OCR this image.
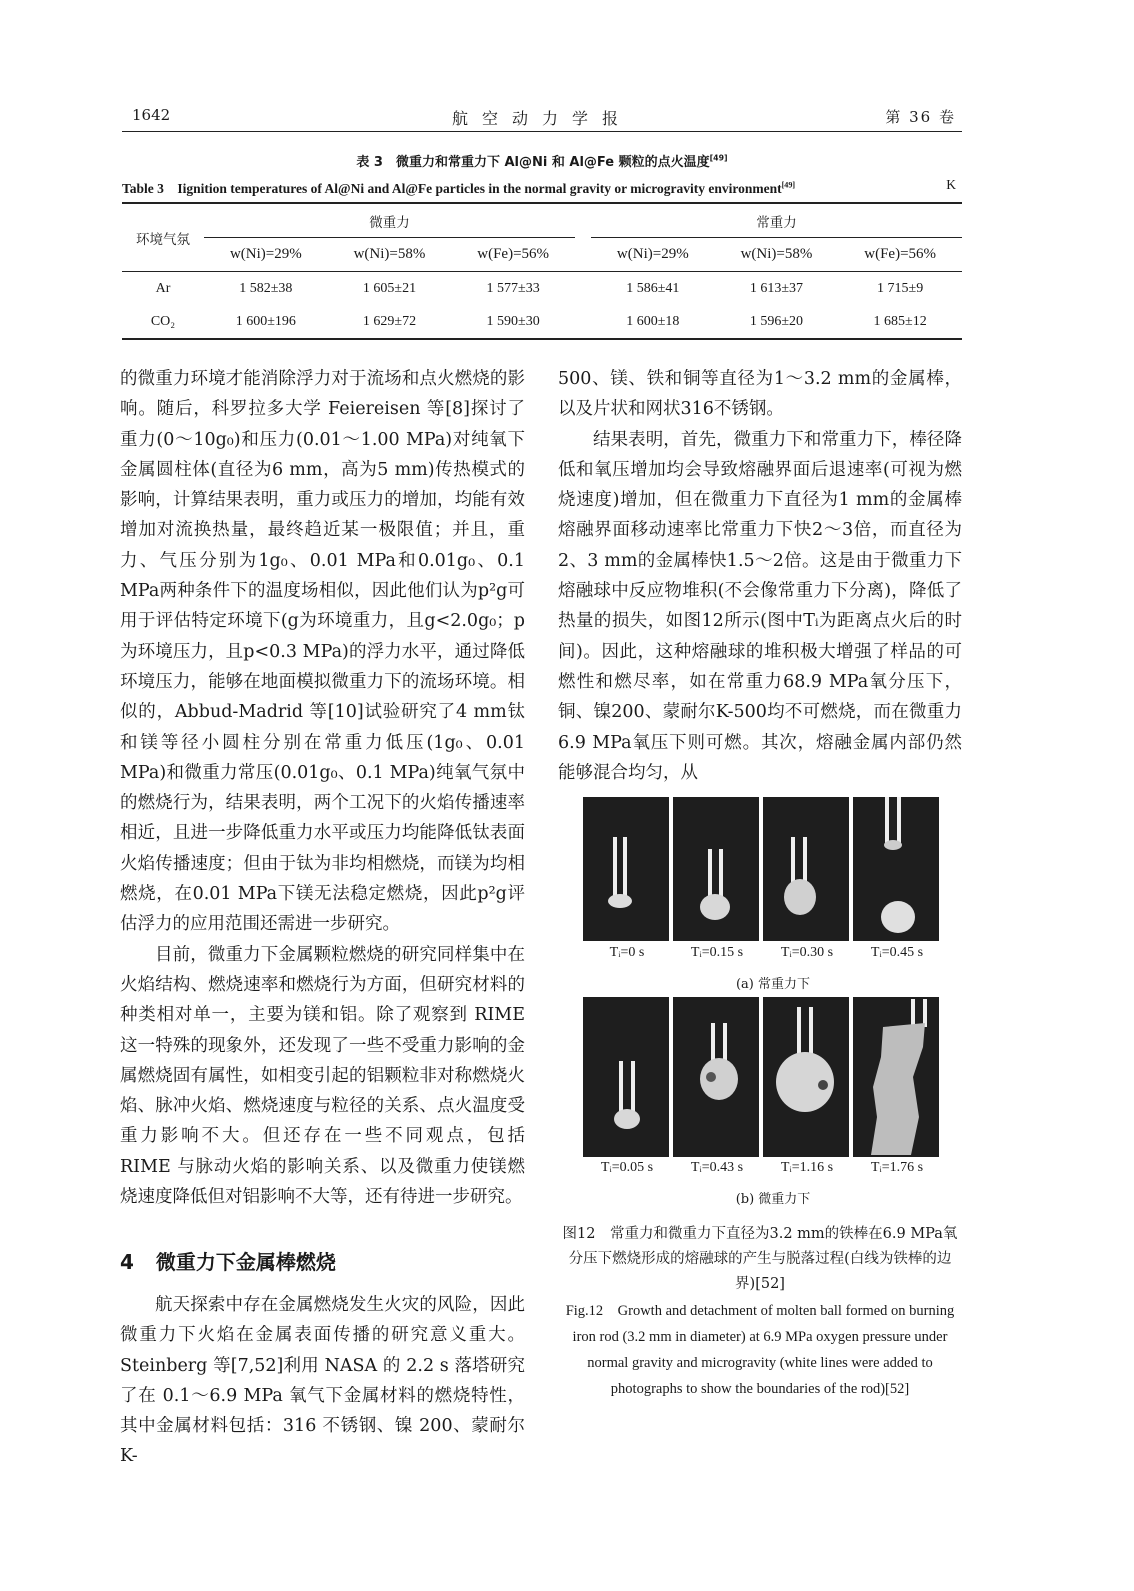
1642	航空动力学报	第 36 卷
表 3　微重力和常重力下 Al@Ni 和 Al@Fe 颗粒的点火温度[49]
Table 3　Iignition temperatures of Al@Ni and Al@Fe particles in the normal gravity or microgravity environment[49]	K
环境气氛	微重力				常重力		
	w(Ni)=29%	w(Ni)=58%	w(Fe)=56%		w(Ni)=29%	w(Ni)=58%	w(Fe)=56%
Ar	1 582±38	1 605±21	1 577±33		1 586±41	1 613±37	1 715±9
CO₂	1 600±196	1 629±72	1 590±30		1 600±18	1 596±20	1 685±12

的微重力环境才能消除浮力对于流场和点火燃烧的影响。随后，科罗拉多大学 Feiereisen 等[8]探讨了重力(0～10g₀)和压力(0.01～1.00 MPa)对纯氧下金属圆柱体(直径为6 mm，高为5 mm)传热模式的影响，计算结果表明，重力或压力的增加，均能有效增加对流换热量，最终趋近某一极限值；并且，重力、气压分别为1g₀、0.01 MPa和0.01g₀、0.1 MPa两种条件下的温度场相似，因此他们认为p²g可用于评估特定环境下(g为环境重力，且g<2.0g₀；p为环境压力，且p<0.3 MPa)的浮力水平，通过降低环境压力，能够在地面模拟微重力下的流场环境。相似的，Abbud-Madrid 等[10]试验研究了4 mm钛和镁等径小圆柱分别在常重力低压(1g₀、0.01 MPa)和微重力常压(0.01g₀、0.1 MPa)纯氧气氛中的燃烧行为，结果表明，两个工况下的火焰传播速率相近，且进一步降低重力水平或压力均能降低钛表面火焰传播速度；但由于钛为非均相燃烧，而镁为均相燃烧，在0.01 MPa下镁无法稳定燃烧，因此p²g评估浮力的应用范围还需进一步研究。

目前，微重力下金属颗粒燃烧的研究同样集中在火焰结构、燃烧速率和燃烧行为方面，但研究材料的种类相对单一，主要为镁和铝。除了观察到 RIME 这一特殊的现象外，还发现了一些不受重力影响的金属燃烧固有属性，如相变引起的铝颗粒非对称燃烧火焰、脉冲火焰、燃烧速度与粒径的关系、点火温度受重力影响不大。但还存在一些不同观点，包括 RIME 与脉动火焰的影响关系、以及微重力使镁燃烧速度降低但对铝影响不大等，还有待进一步研究。

4 微重力下金属棒燃烧

航天探索中存在金属燃烧发生火灾的风险，因此微重力下火焰在金属表面传播的研究意义重大。Steinberg 等[7,52]利用 NASA 的 2.2 s 落塔研究了在 0.1～6.9 MPa 氧气下金属材料的燃烧特性，其中金属材料包括：316 不锈钢、镍 200、蒙耐尔 K-

500、镁、铁和铜等直径为1～3.2 mm的金属棒，以及片状和网状316不锈钢。

结果表明，首先，微重力下和常重力下，棒径降低和氧压增加均会导致熔融界面后退速率(可视为燃烧速度)增加，但在微重力下直径为1 mm的金属棒熔融界面移动速率比常重力下快2～3倍，而直径为2、3 mm的金属棒快1.5～2倍。这是由于微重力下熔融球中反应物堆积(不会像常重力下分离)，降低了热量的损失，如图12所示(图中Tᵢ为距离点火后的时间)。因此，这种熔融球的堆积极大增强了样品的可燃性和燃尽率，如在常重力68.9 MPa氧分压下，铜、镍200、蒙耐尔K-500均不可燃烧，而在微重力6.9 MPa氧压下则可燃。其次，熔融金属内部仍然能够混合均匀，从

Tᵢ=0 s	Tᵢ=0.15 s	Tᵢ=0.30 s	Tᵢ=0.45 s
(a) 常重力下
Tᵢ=0.05 s	Tᵢ=0.43 s	Tᵢ=1.16 s	Tᵢ=1.76 s
(b) 微重力下
图12　常重力和微重力下直径为3.2 mm的铁棒在6.9 MPa氧分压下燃烧形成的熔融球的产生与脱落过程(白线为铁棒的边界)[52]
Fig.12　Growth and detachment of molten ball formed on burning iron rod (3.2 mm in diameter) at 6.9 MPa oxygen pressure under normal gravity and microgravity (white lines were added to photographs to show the boundaries of the rod)[52]
